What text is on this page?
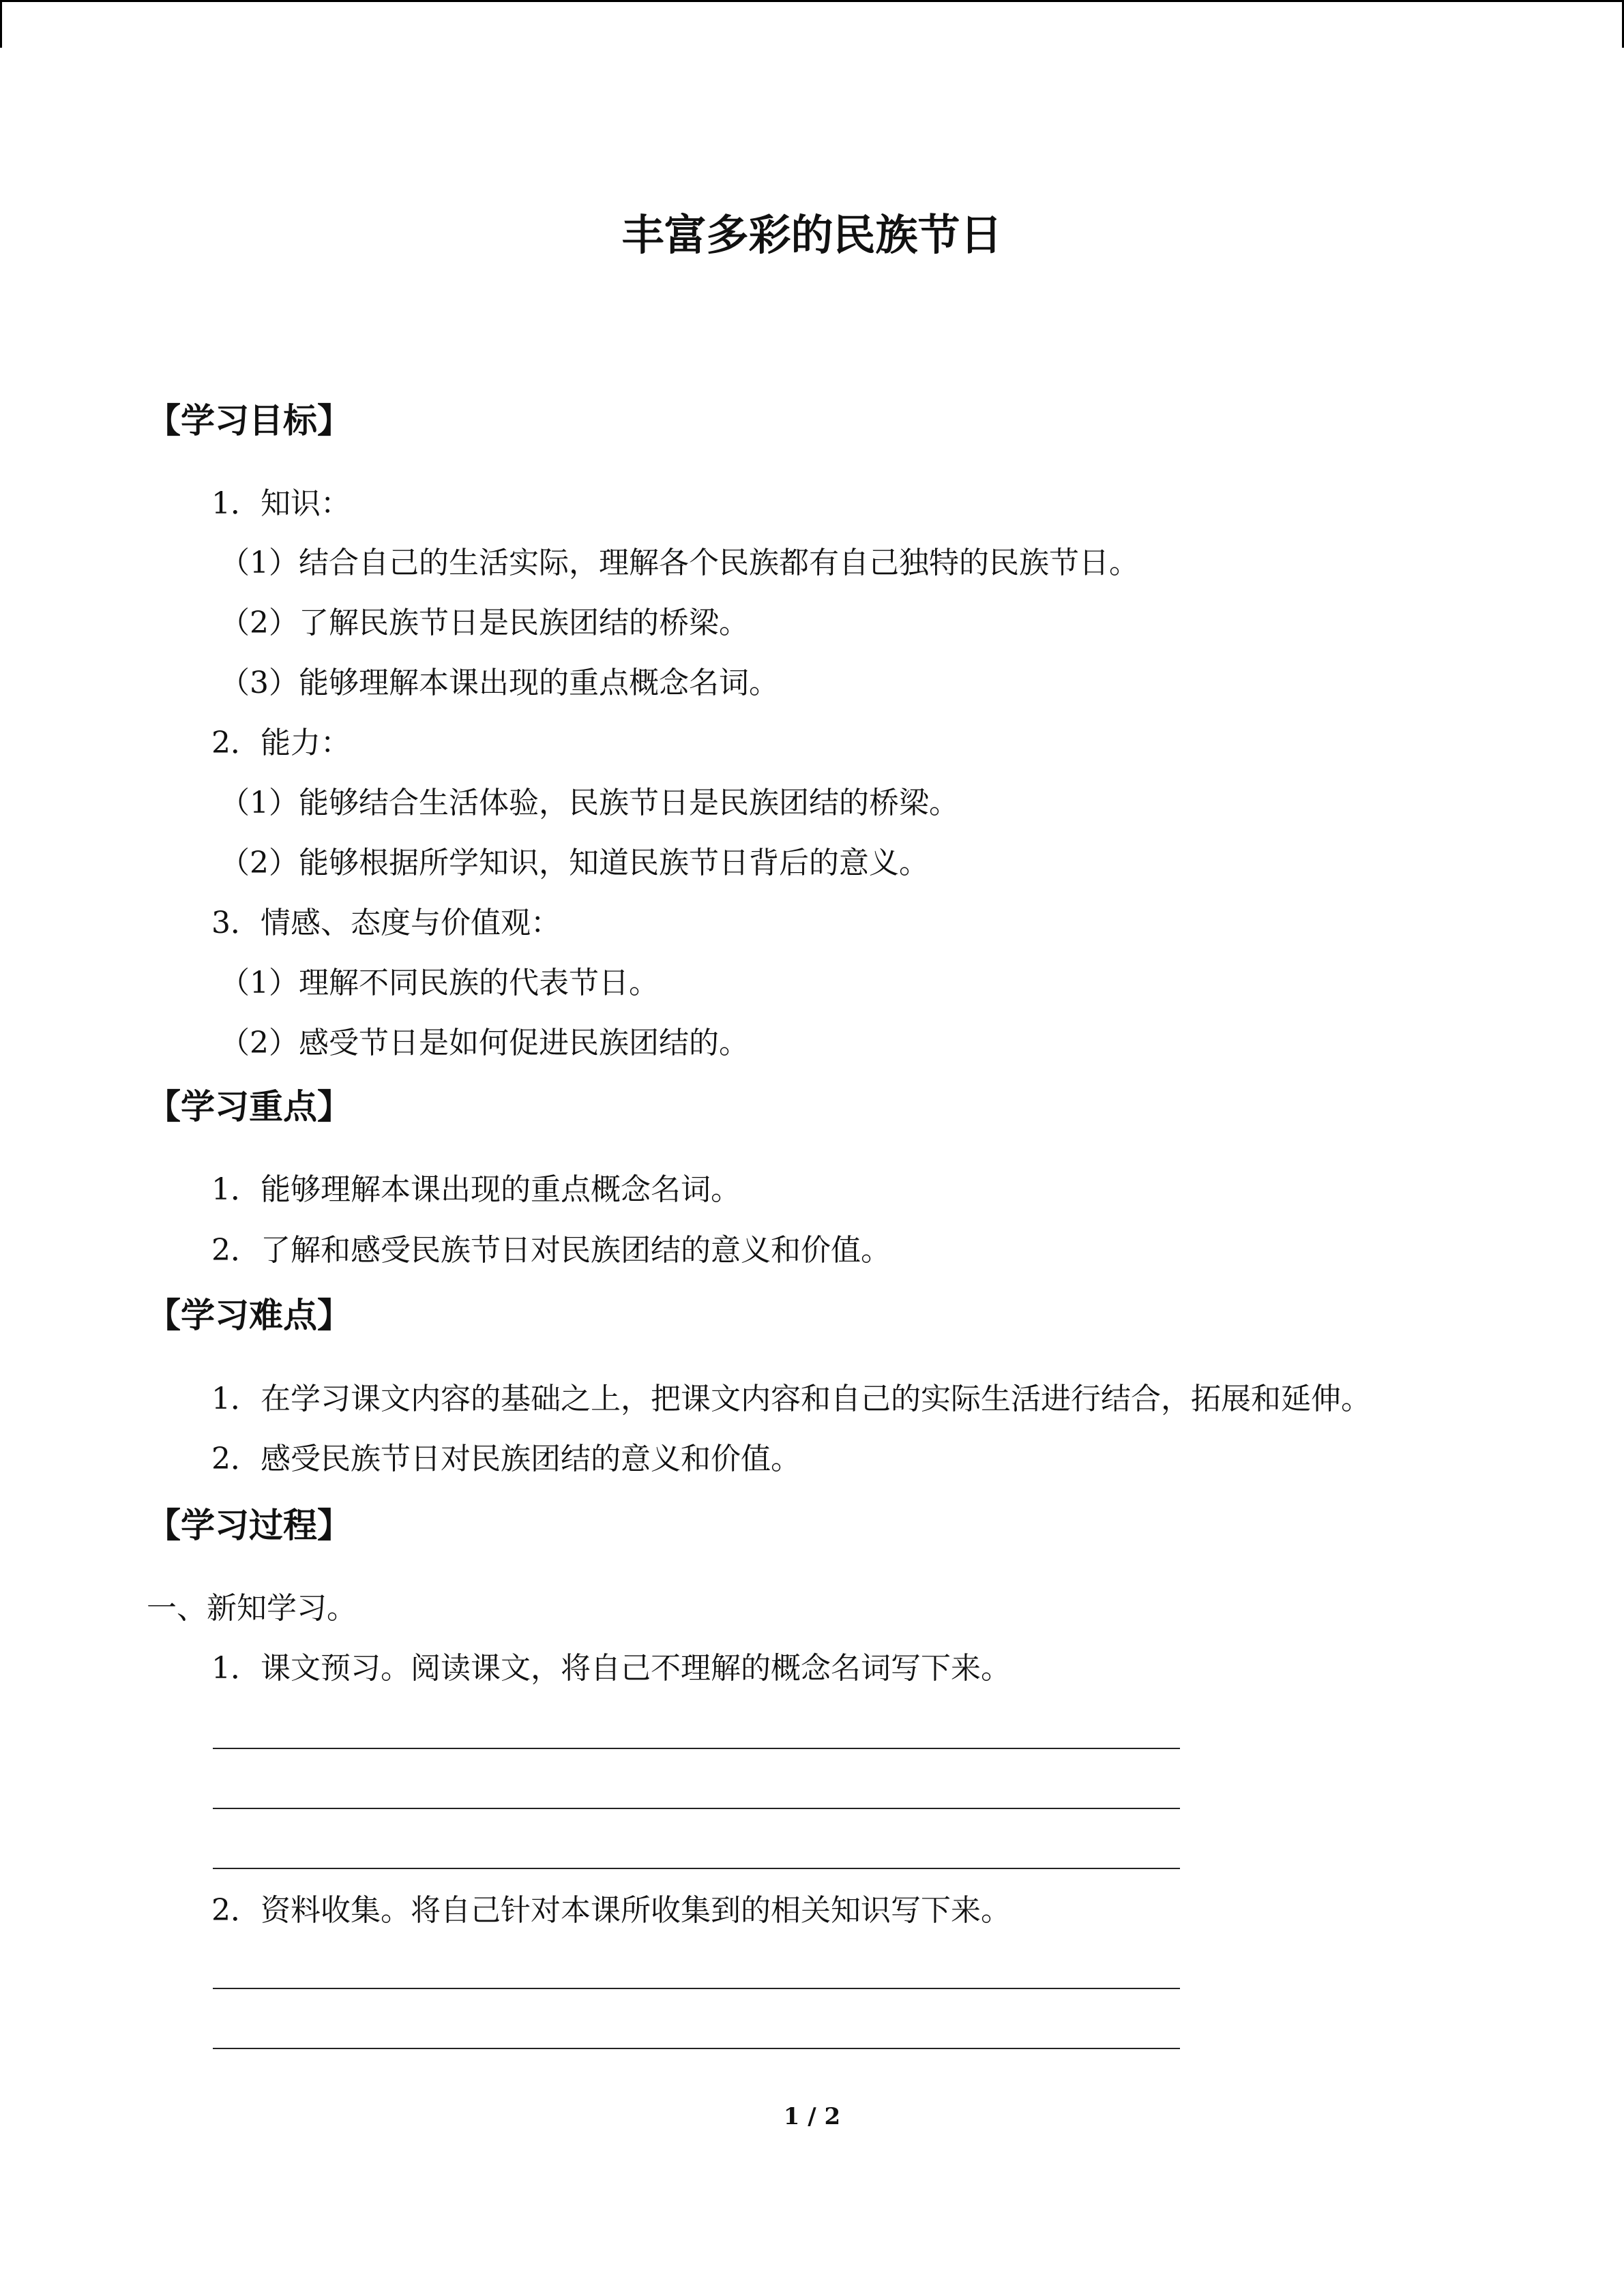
丰富多彩的民族节日
【学习目标】
1．知识：
（1）结合自己的生活实际，理解各个民族都有自己独特的民族节日。
（2）了解民族节日是民族团结的桥梁。
（3）能够理解本课出现的重点概念名词。
2．能力：
（1）能够结合生活体验，民族节日是民族团结的桥梁。
（2）能够根据所学知识，知道民族节日背后的意义。
3．情感、态度与价值观：
（1）理解不同民族的代表节日。
（2）感受节日是如何促进民族团结的。
【学习重点】
1．能够理解本课出现的重点概念名词。
2．了解和感受民族节日对民族团结的意义和价值。
【学习难点】
1．在学习课文内容的基础之上，把课文内容和自己的实际生活进行结合，拓展和延伸。
2．感受民族节日对民族团结的意义和价值。
【学习过程】
一、新知学习。
1．课文预习。阅读课文，将自己不理解的概念名词写下来。
2．资料收集。将自己针对本课所收集到的相关知识写下来。
1 / 2
